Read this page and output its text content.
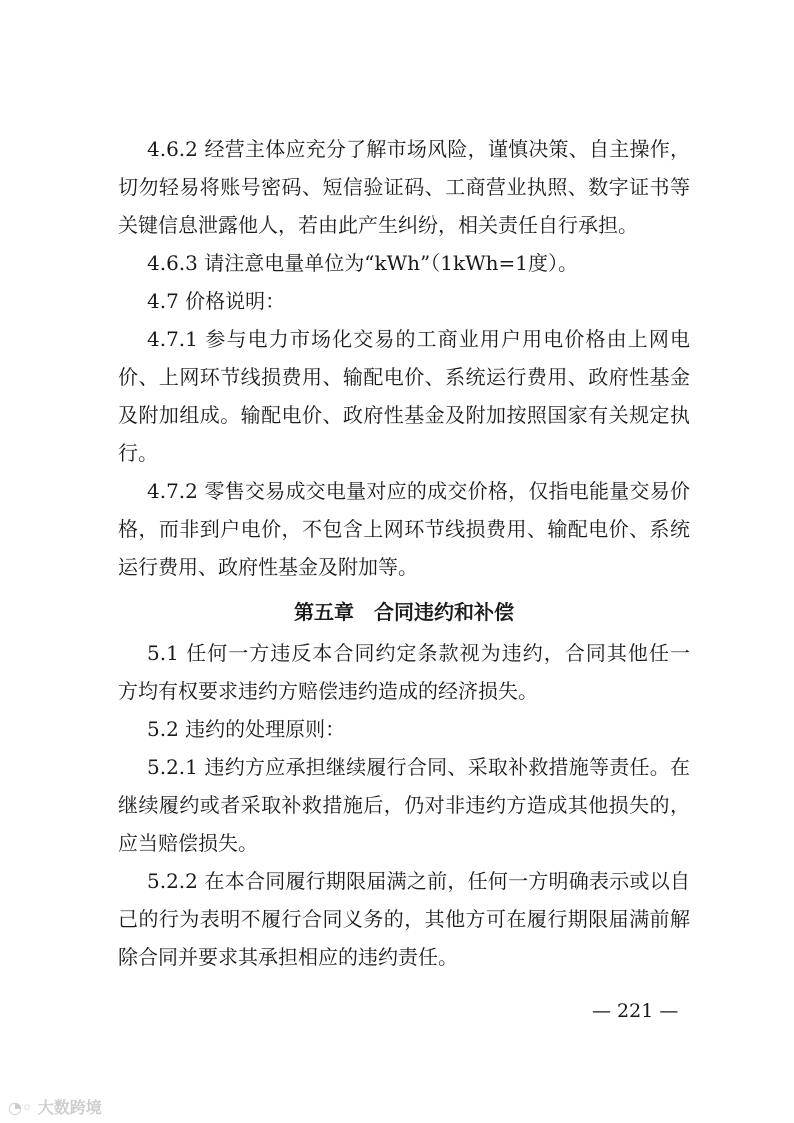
4.6.2 经营主体应充分了解市场风险，谨慎决策、自主操作，
切勿轻易将账号密码、短信验证码、工商营业执照、数字证书等
关键信息泄露他人，若由此产生纠纷，相关责任自行承担。
4.6.3 请注意电量单位为“kWh”（1kWh=1度）。
4.7 价格说明：
4.7.1 参与电力市场化交易的工商业用户用电价格由上网电
价、上网环节线损费用、输配电价、系统运行费用、政府性基金
及附加组成。输配电价、政府性基金及附加按照国家有关规定执
行。
4.7.2 零售交易成交电量对应的成交价格，仅指电能量交易价
格，而非到户电价，不包含上网环节线损费用、输配电价、系统
运行费用、政府性基金及附加等。
第五章　合同违约和补偿
5.1 任何一方违反本合同约定条款视为违约，合同其他任一
方均有权要求违约方赔偿违约造成的经济损失。
5.2 违约的处理原则：
5.2.1 违约方应承担继续履行合同、采取补救措施等责任。在
继续履约或者采取补救措施后，仍对非违约方造成其他损失的，
应当赔偿损失。
5.2.2 在本合同履行期限届满之前，任何一方明确表示或以自
己的行为表明不履行合同义务的，其他方可在履行期限届满前解
除合同并要求其承担相应的违约责任。
— 221 —
◔◦ 大数跨境
